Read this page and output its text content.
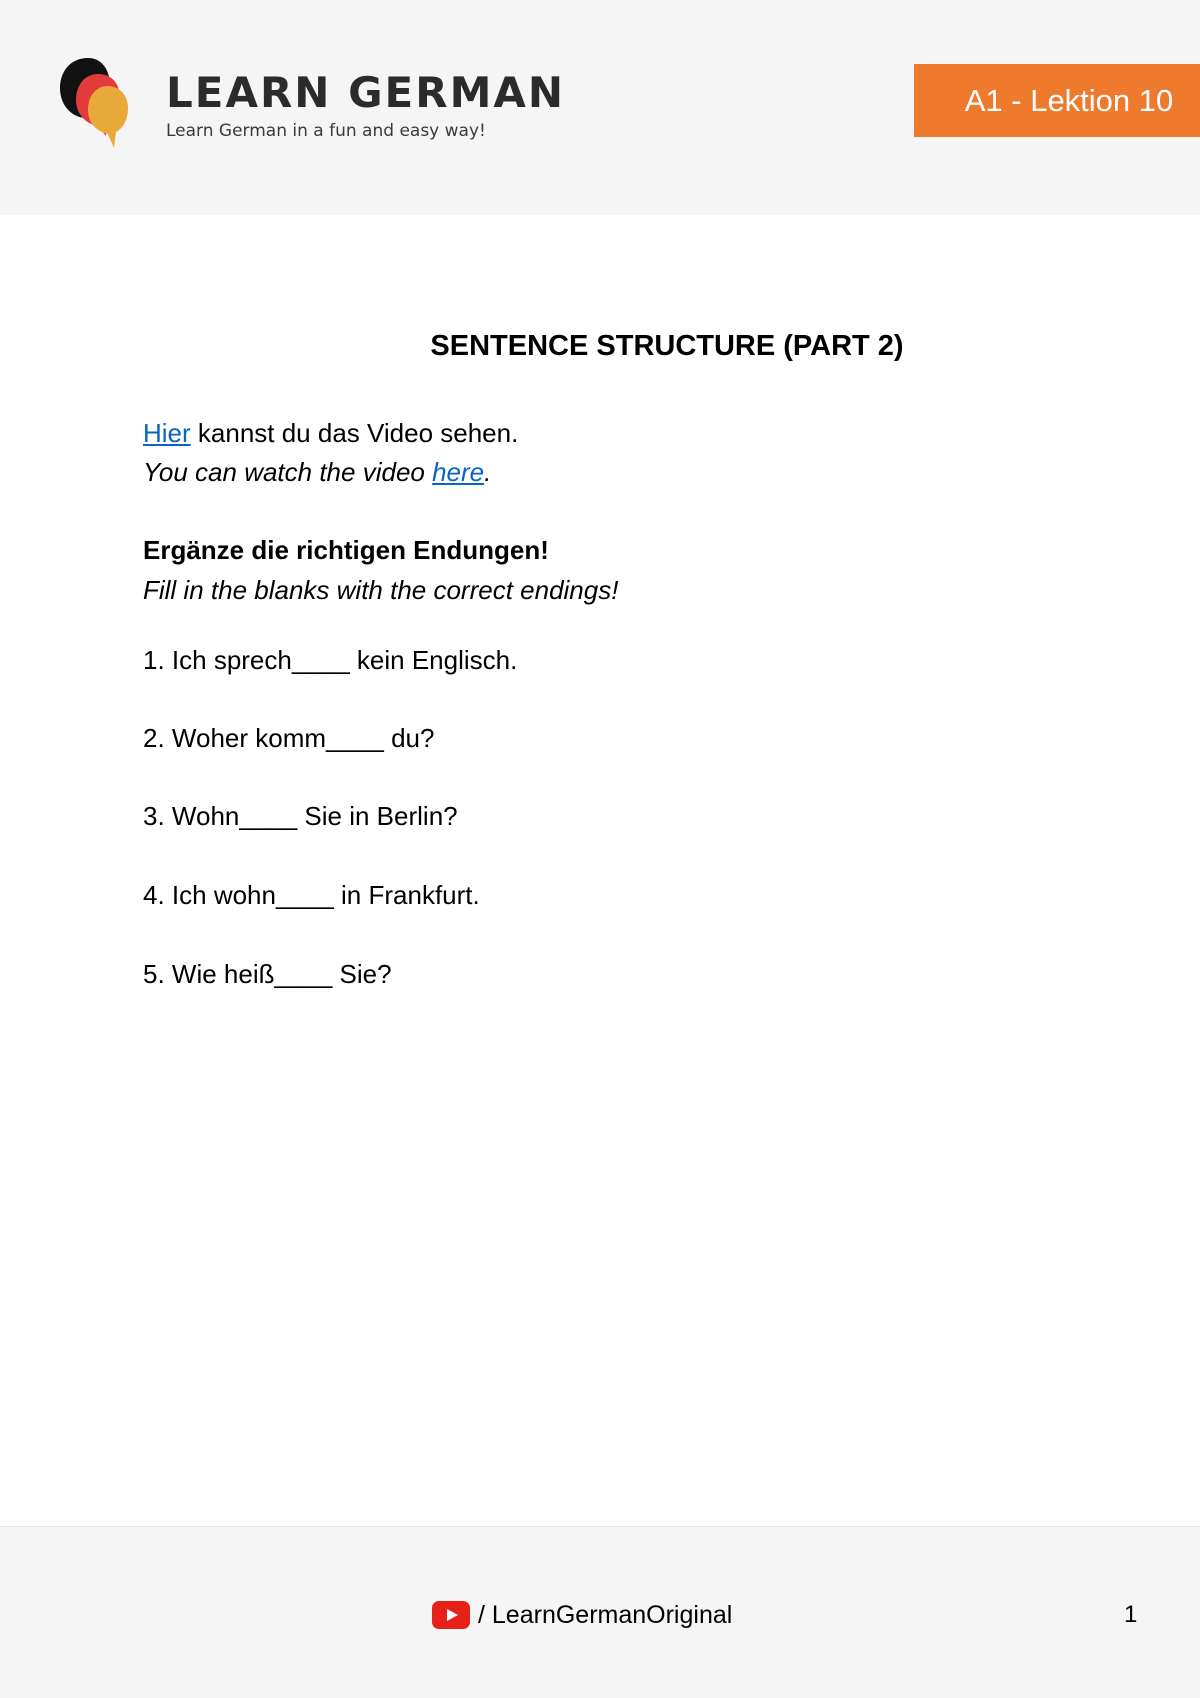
LEARN GERMAN
Learn German in a fun and easy way!
A1 - Lektion 10
SENTENCE STRUCTURE (PART 2)
Hier kannst du das Video sehen.
You can watch the video here.
Ergänze die richtigen Endungen!
Fill in the blanks with the correct endings!
1. Ich sprech____ kein Englisch.
2. Woher komm____ du?
3. Wohn____ Sie in Berlin?
4. Ich wohn____ in Frankfurt.
5. Wie heiß____ Sie?
/ LearnGermanOriginal	1
